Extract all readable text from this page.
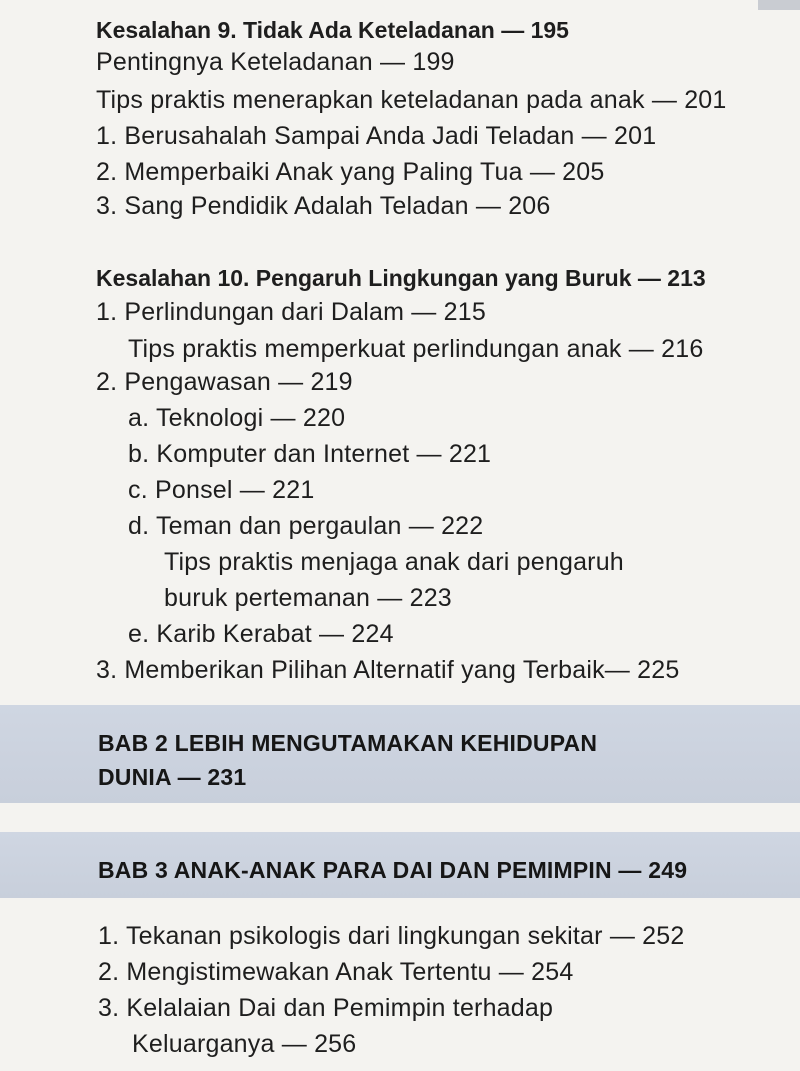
Kesalahan 9. Tidak Ada Keteladanan — 195
Pentingnya Keteladanan — 199
Tips praktis menerapkan keteladanan pada anak — 201
1. Berusahalah Sampai Anda Jadi Teladan — 201
2. Memperbaiki Anak yang Paling Tua — 205
3. Sang Pendidik Adalah Teladan — 206
Kesalahan 10. Pengaruh Lingkungan yang Buruk — 213
1. Perlindungan dari Dalam — 215
Tips praktis memperkuat perlindungan anak — 216
2. Pengawasan — 219
a. Teknologi — 220
b. Komputer dan Internet — 221
c. Ponsel — 221
d. Teman dan pergaulan — 222
Tips praktis menjaga anak dari pengaruh
buruk pertemanan — 223
e. Karib Kerabat — 224
3. Memberikan Pilihan Alternatif yang Terbaik— 225
BAB 2 LEBIH MENGUTAMAKAN KEHIDUPAN
DUNIA — 231
BAB 3 ANAK-ANAK PARA DAI DAN PEMIMPIN — 249
1. Tekanan psikologis dari lingkungan sekitar — 252
2. Mengistimewakan Anak Tertentu — 254
3. Kelalaian Dai dan Pemimpin terhadap
Keluarganya — 256
